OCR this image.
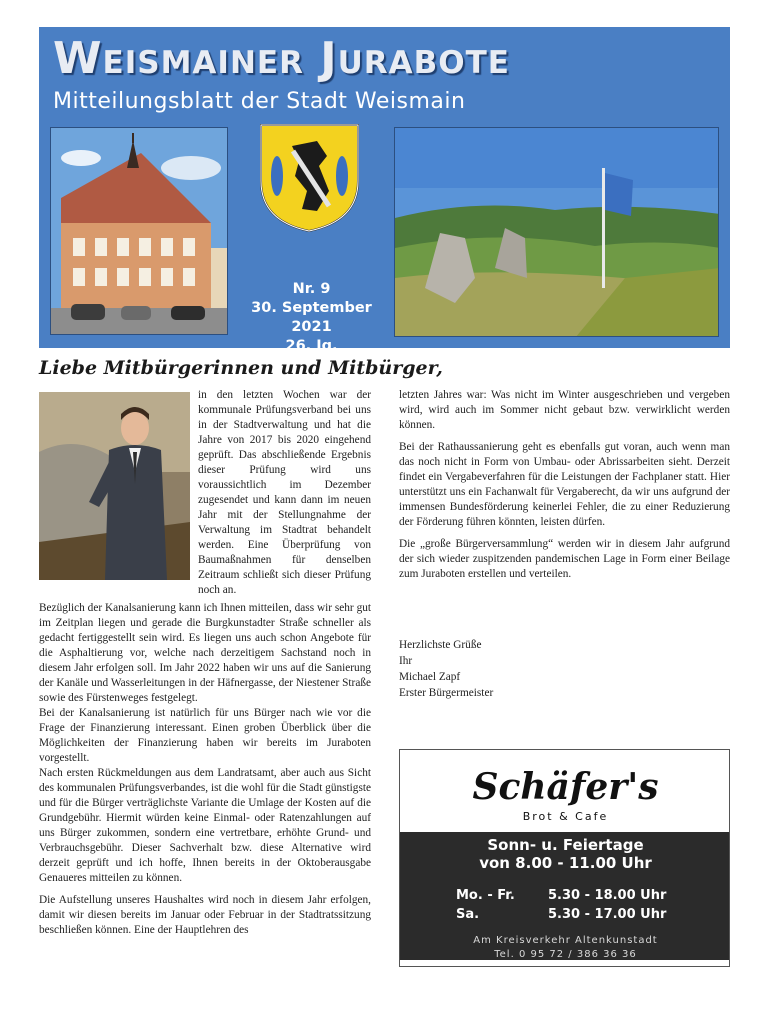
Weismainer Jurabote
Mitteilungsblatt der Stadt Weismain
Nr. 9
30. September 2021
26. Jg.
Liebe Mitbürgerinnen und Mitbürger,
in den letzten Wochen war der kommunale Prüfungsverband bei uns in der Stadtverwaltung und hat die Jahre von 2017 bis 2020 eingehend geprüft. Das abschließende Ergebnis dieser Prüfung wird uns voraussichtlich im Dezember zugesendet und kann dann im neuen Jahr mit der Stellungnahme der Verwaltung im Stadtrat behandelt werden. Eine Überprüfung von Baumaßnahmen für denselben Zeitraum schließt sich dieser Prüfung noch an.

Bezüglich der Kanalsanierung kann ich Ihnen mitteilen, dass wir sehr gut im Zeitplan liegen und gerade die Burgkunstadter Straße schneller als gedacht fertiggestellt sein wird. Es liegen uns auch schon Angebote für die Asphaltierung vor, welche nach derzeitigem Sachstand noch in diesem Jahr erfolgen soll. Im Jahr 2022 haben wir uns auf die Sanierung der Kanäle und Wasserleitungen in der Häfnergasse, der Niestener Straße sowie des Fürstenweges festgelegt.
Bei der Kanalsanierung ist natürlich für uns Bürger nach wie vor die Frage der Finanzierung interessant. Einen groben Überblick über die Möglichkeiten der Finanzierung haben wir bereits im Juraboten vorgestellt.
Nach ersten Rückmeldungen aus dem Landratsamt, aber auch aus Sicht des kommunalen Prüfungsverbandes, ist die wohl für die Stadt günstigste und für die Bürger verträglichste Variante die Umlage der Kosten auf die Grundgebühr. Hiermit würden keine Einmal- oder Ratenzahlungen auf uns Bürger zukommen, sondern eine vertretbare, erhöhte Grund- und Verbrauchsgebühr. Dieser Sachverhalt bzw. diese Alternative wird derzeit geprüft und ich hoffe, Ihnen bereits in der Oktoberausgabe Genaueres mitteilen zu können.

Die Aufstellung unseres Haushaltes wird noch in diesem Jahr erfolgen, damit wir diesen bereits im Januar oder Februar in der Stadtratssitzung beschließen können. Eine der Hauptlehren des

letzten Jahres war: Was nicht im Winter ausgeschrieben und vergeben wird, wird auch im Sommer nicht gebaut bzw. verwirklicht werden können.

Bei der Rathaussanierung geht es ebenfalls gut voran, auch wenn man das noch nicht in Form von Umbau- oder Abrissarbeiten sieht. Derzeit findet ein Vergabeverfahren für die Leistungen der Fachplaner statt. Hier unterstützt uns ein Fachanwalt für Vergaberecht, da wir uns aufgrund der immensen Bundesförderung keinerlei Fehler, die zu einer Reduzierung der Förderung führen könnten, leisten dürfen.

Die „große Bürgerversammlung“ werden wir in diesem Jahr aufgrund der sich wieder zuspitzenden pandemischen Lage in Form einer Beilage zum Juraboten erstellen und verteilen.

Herzlichste Grüße
Ihr
Michael Zapf
Erster Bürgermeister
Schäfer's
Brot & Cafe
Sonn- u. Feiertage
von 8.00 - 11.00 Uhr
Mo. - Fr.	5.30 - 18.00 Uhr
Sa.	5.30 - 17.00 Uhr
Am Kreisverkehr Altenkunstadt
Tel. 0 95 72 / 386 36 36
